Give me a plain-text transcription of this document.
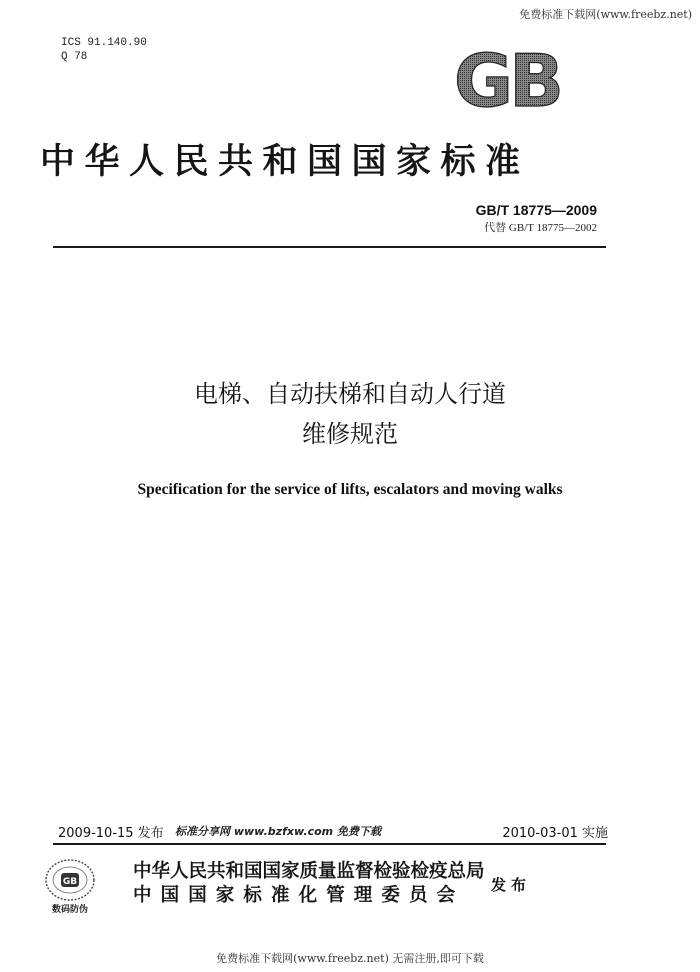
免费标准下载网(www.freebz.net)
ICS 91.140.90
Q 78	GB
中华人民共和国国家标准
GB/T 18775—2009
代替 GB/T 18775—2002
电梯、自动扶梯和自动人行道
维修规范
Specification for the service of lifts, escalators and moving walks
2009-10-15 发布 标准分享网 www.bzfxw.com 免费下载	2010-03-01 实施
GB
数码防伪
中华人民共和国国家质量监督检验检疫总局
中国国家标准化管理委员会	发布
免费标准下载网(www.freebz.net) 无需注册,即可下载
